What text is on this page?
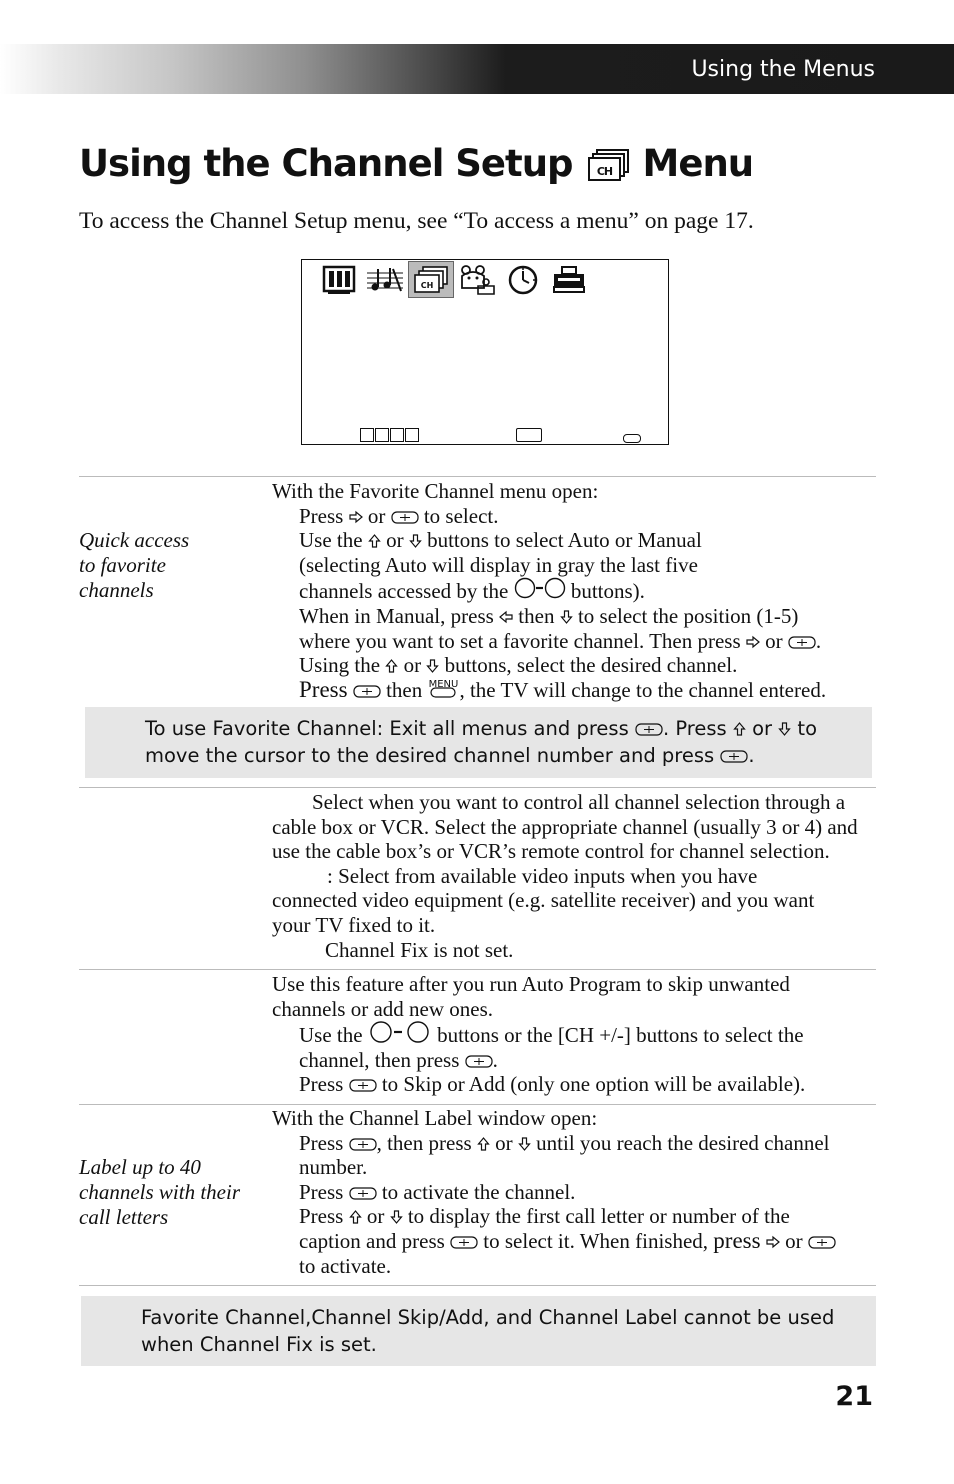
Using the Menus
Using the Channel Setup CH Menu
To access the Channel Setup menu, see “To access a menu” on page 17.
CH
Quick access
to favorite
channels
With the Favorite Channel menu open:
Press or to select.
Use the or buttons to select Auto or Manual
(selecting Auto will display in gray the last five
channels accessed by the	buttons).
When in Manual, press then to select the position (1-5)
where you want to set a favorite channel. Then press or .
Using the or buttons, select the desired channel.
Press then MENU , the TV will change to the channel entered.
To use Favorite Channel: Exit all menus and press . Press or to
move the cursor to the desired channel number and press .
Select when you want to control all channel selection through a
cable box or VCR. Select the appropriate channel (usually 3 or 4) and
use the cable box’s or VCR’s remote control for channel selection.
: Select from available video inputs when you have
connected video equipment (e.g. satellite receiver) and you want
your TV fixed to it.
Channel Fix is not set.
Use this feature after you run Auto Program to skip unwanted
channels or add new ones.
Use the	buttons or the [CH +/-] buttons to select the
channel, then press .
Press to Skip or Add (only one option will be available).
Label up to 40
channels with their
call letters
With the Channel Label window open:
Press , then press or until you reach the desired channel
number.
Press to activate the channel.
Press or to display the first call letter or number of the
caption and press to select it. When finished, press or
to activate.
Favorite Channel,Channel Skip/Add, and Channel Label cannot be used
when Channel Fix is set.
21
